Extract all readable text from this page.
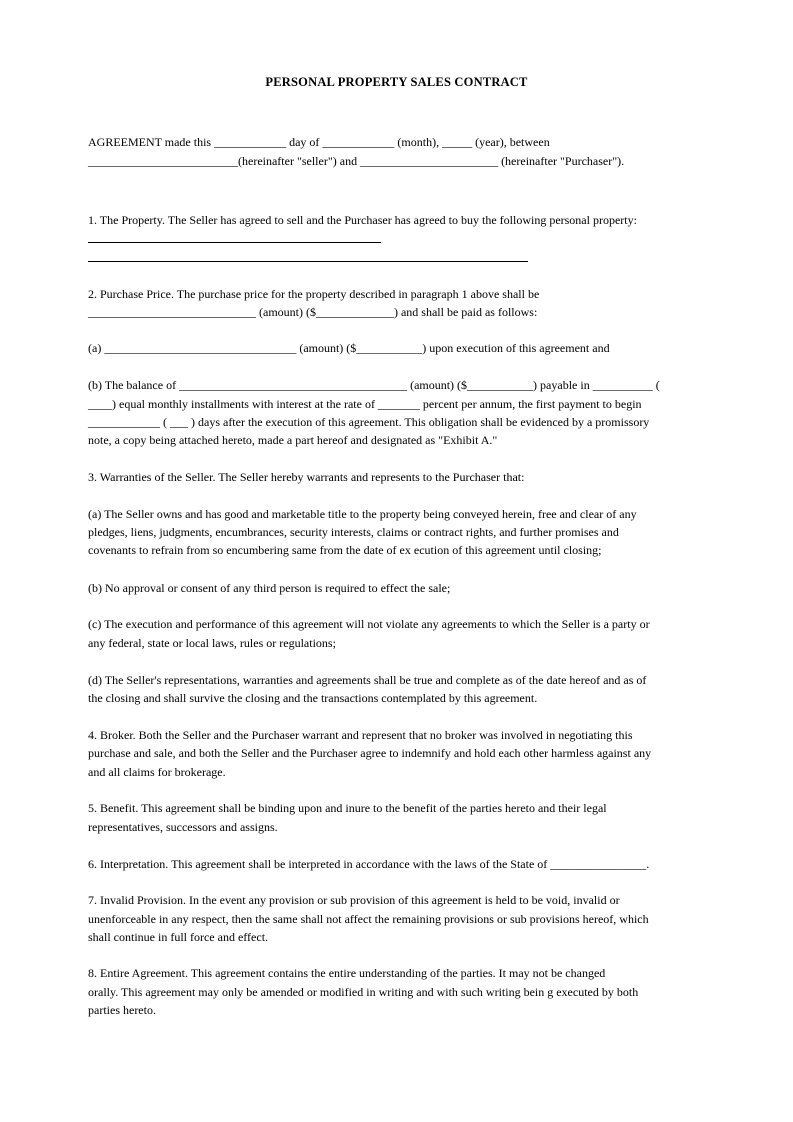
PERSONAL PROPERTY SALES CONTRACT
AGREEMENT made this ____________ day of ____________ (month), _____ (year), between
_________________________(hereinafter "seller") and _______________________ (hereinafter "Purchaser").
1. The Property. The Seller has agreed to sell and the Purchaser has agreed to buy the following personal property:
2. Purchase Price. The purchase price for the property described in paragraph 1 above shall be
____________________________ (amount) ($_____________) and shall be paid as follows:
(a) ________________________________ (amount) ($___________) upon execution of this agreement and
(b) The balance of ______________________________________ (amount) ($___________) payable in __________ (
____) equal monthly installments with interest at the rate of _______ percent per annum, the first payment to begin
____________ ( ___ ) days after the execution of this agreement. This obligation shall be evidenced by a promissory
note, a copy being attached hereto, made a part hereof and designated as "Exhibit A."
3. Warranties of the Seller. The Seller hereby warrants and represents to the Purchaser that:
(a) The Seller owns and has good and marketable title to the property being conveyed herein, free and clear of any
pledges, liens, judgments, encumbrances, security interests, claims or contract rights, and further promises and
covenants to refrain from so encumbering same from the date of ex ecution of this agreement until closing;
(b) No approval or consent of any third person is required to effect the sale;
(c) The execution and performance of this agreement will not violate any agreements to which the Seller is a party or
any federal, state or local laws, rules or regulations;
(d) The Seller's representations, warranties and agreements shall be true and complete as of the date hereof and as of
the closing and shall survive the closing and the transactions contemplated by this agreement.
4. Broker. Both the Seller and the Purchaser warrant and represent that no broker was involved in negotiating this
purchase and sale, and both the Seller and the Purchaser agree to indemnify and hold each other harmless against any
and all claims for brokerage.
5. Benefit. This agreement shall be binding upon and inure to the benefit of the parties hereto and their legal
representatives, successors and assigns.
6. Interpretation. This agreement shall be interpreted in accordance with the laws of the State of ________________.
7. Invalid Provision. In the event any provision or sub provision of this agreement is held to be void, invalid or
unenforceable in any respect, then the same shall not affect the remaining provisions or sub provisions hereof, which
shall continue in full force and effect.
8. Entire Agreement. This agreement contains the entire understanding of the parties. It may not be changed
orally. This agreement may only be amended or modified in writing and with such writing bein g executed by both
parties hereto.
